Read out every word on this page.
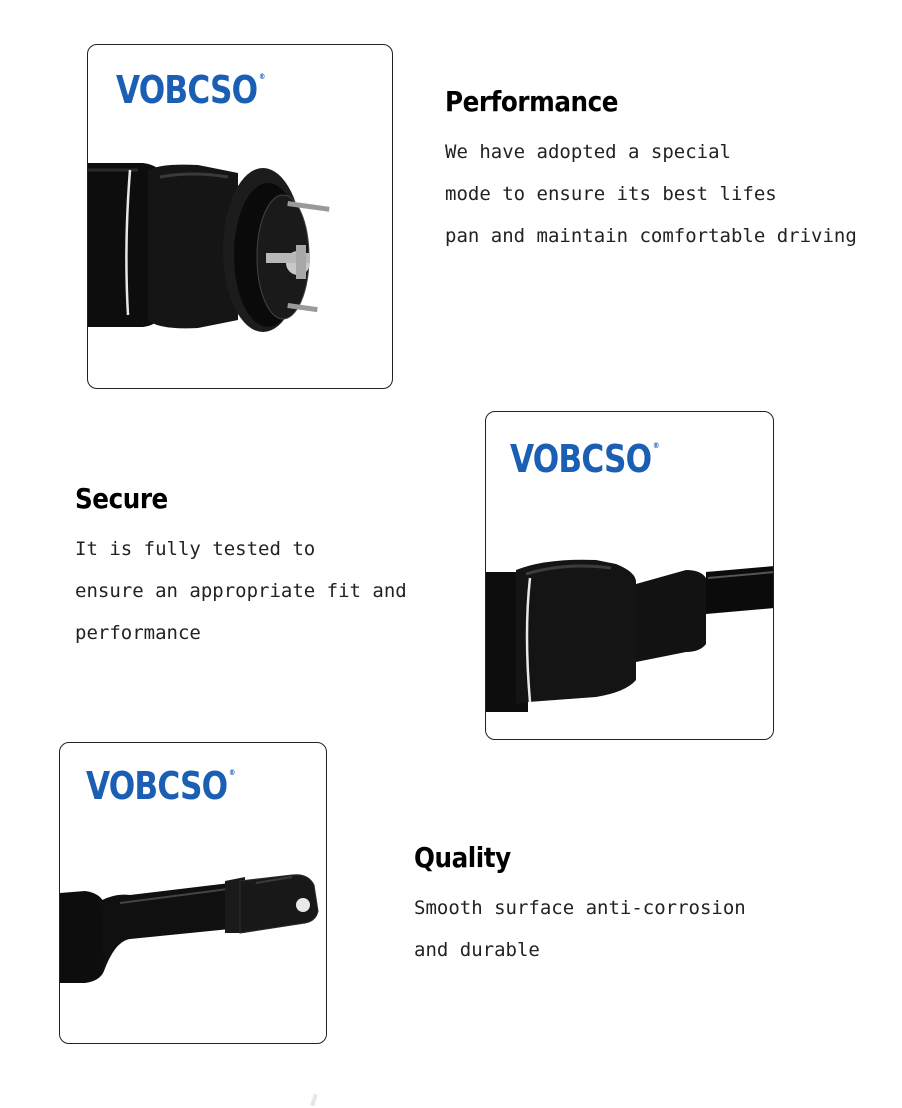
VOBCSO ®
VOBCSO ®
VOBCSO ®
Performance
We have adopted a special
mode to ensure its best lifes
pan and maintain comfortable driving
Secure
It is fully tested to
ensure an appropriate fit and
performance
Quality
Smooth surface anti-corrosion
and durable
